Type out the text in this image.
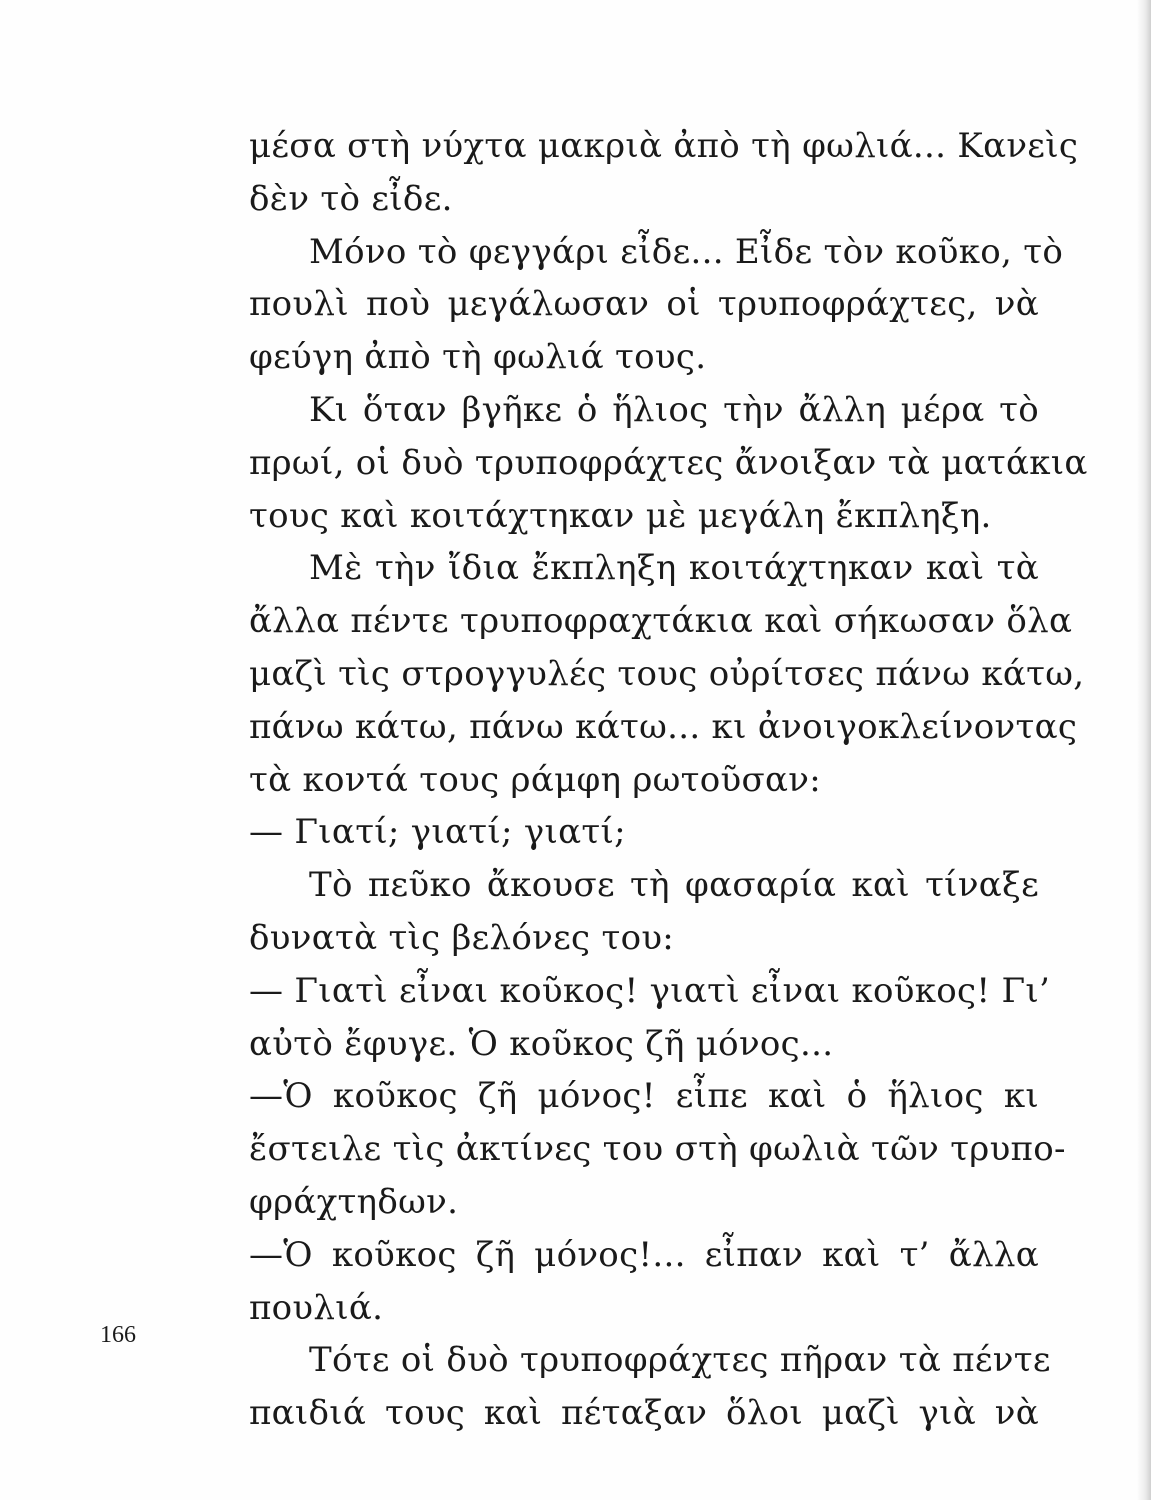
μέσα στὴ νύχτα μακριὰ ἀπὸ τὴ φωλιά... Κανεὶς
δὲν τὸ εἶδε.
Μόνο τὸ φεγγάρι εἶδε... Εἶδε τὸν κοῦκο, τὸ
πουλὶ ποὺ μεγάλωσαν οἱ τρυποφράχτες, νὰ
φεύγη ἀπὸ τὴ φωλιά τους.
Κι ὅταν βγῆκε ὁ ἥλιος τὴν ἄλλη μέρα τὸ
πρωί, οἱ δυὸ τρυποφράχτες ἄνοιξαν τὰ ματάκια
τους καὶ κοιτάχτηκαν μὲ μεγάλη ἔκπληξη.
Μὲ τὴν ἴδια ἔκπληξη κοιτάχτηκαν καὶ τὰ
ἄλλα πέντε τρυποφραχτάκια καὶ σήκωσαν ὅλα
μαζὶ τὶς στρογγυλές τους οὐρίτσες πάνω κάτω,
πάνω κάτω, πάνω κάτω... κι ἀνοιγοκλείνοντας
τὰ κοντά τους ράμφη ρωτοῦσαν:
— Γιατί; γιατί; γιατί;
Τὸ πεῦκο ἄκουσε τὴ φασαρία καὶ τίναξε
δυνατὰ τὶς βελόνες του:
— Γιατὶ εἶναι κοῦκος! γιατὶ εἶναι κοῦκος! Γι’
αὐτὸ ἔφυγε. Ὁ κοῦκος ζῆ μόνος...
—Ὁ κοῦκος ζῆ μόνος! εἶπε καὶ ὁ ἥλιος κι
ἔστειλε τὶς ἀκτίνες του στὴ φωλιὰ τῶν τρυπο-
φράχτηδων.
—Ὁ κοῦκος ζῆ μόνος!... εἶπαν καὶ τ’ ἄλλα
πουλιά.
Τότε οἱ δυὸ τρυποφράχτες πῆραν τὰ πέντε
παιδιά τους καὶ πέταξαν ὅλοι μαζὶ γιὰ νὰ
166
